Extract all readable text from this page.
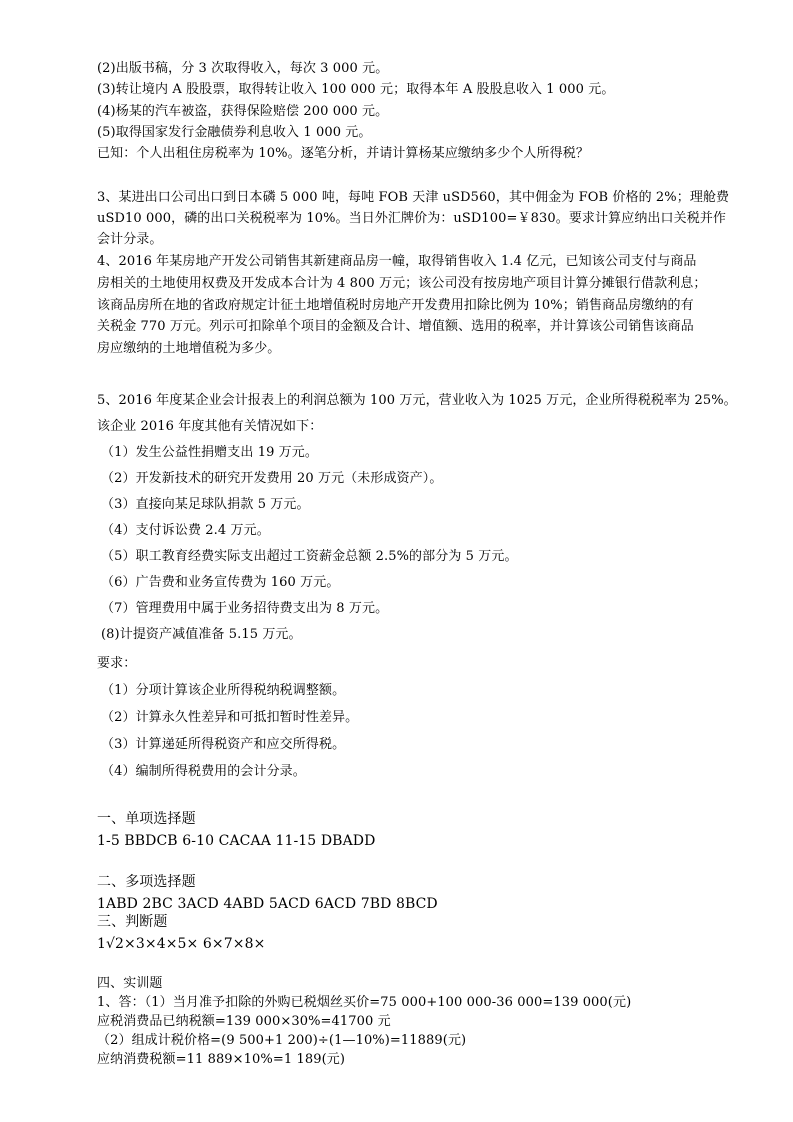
(2)出版书稿，分 3 次取得收入，每次 3 000 元。
(3)转让境内 A 股股票，取得转让收入 100 000 元；取得本年 A 股股息收入 1 000 元。
(4)杨某的汽车被盗，获得保险赔偿 200 000 元。
(5)取得国家发行金融债券利息收入 1 000 元。
已知：个人出租住房税率为 10%。逐笔分析，并请计算杨某应缴纳多少个人所得税？
3、某进出口公司出口到日本磷 5 000 吨，每吨 FOB 天津 uSD560，其中佣金为 FOB 价格的 2%；理舱费
uSD10 000，磷的出口关税税率为 10%。当日外汇牌价为：uSD100=￥830。要求计算应纳出口关税并作
会计分录。
4、2016 年某房地产开发公司销售其新建商品房一幢，取得销售收入 1.4 亿元，已知该公司支付与商品
房相关的土地使用权费及开发成本合计为 4 800 万元；该公司没有按房地产项目计算分摊银行借款利息；
该商品房所在地的省政府规定计征土地增值税时房地产开发费用扣除比例为 10%；销售商品房缴纳的有
关税金 770 万元。列示可扣除单个项目的金额及合计、增值额、选用的税率，并计算该公司销售该商品
房应缴纳的土地增值税为多少。
5、2016 年度某企业会计报表上的利润总额为 100 万元，营业收入为 1025 万元，企业所得税税率为 25%。
该企业 2016 年度其他有关情况如下：
（1）发生公益性捐赠支出 19 万元。
（2）开发新技术的研究开发费用 20 万元（未形成资产）。
（3）直接向某足球队捐款 5 万元。
（4）支付诉讼费 2.4 万元。
（5）职工教育经费实际支出超过工资薪金总额 2.5%的部分为 5 万元。
（6）广告费和业务宣传费为 160 万元。
（7）管理费用中属于业务招待费支出为 8 万元。
(8)计提资产减值准备 5.15 万元。
要求：
（1）分项计算该企业所得税纳税调整额。
（2）计算永久性差异和可抵扣暂时性差异。
（3）计算递延所得税资产和应交所得税。
（4）编制所得税费用的会计分录。
一、单项选择题
1-5 BBDCB 6-10 CACAA 11-15 DBADD
二、多项选择题
1ABD 2BC 3ACD 4ABD 5ACD 6ACD 7BD 8BCD
三、判断题
1√2×3×4×5× 6×7×8×
四、实训题
1、答：（1）当月准予扣除的外购已税烟丝买价=75 000+100 000-36 000=139 000(元)
应税消费品已纳税额=139 000×30%=41700 元
（2）组成计税价格=(9 500+1 200)÷(1—10%)=11889(元)
应纳消费税额=11 889×10%=1 189(元)
